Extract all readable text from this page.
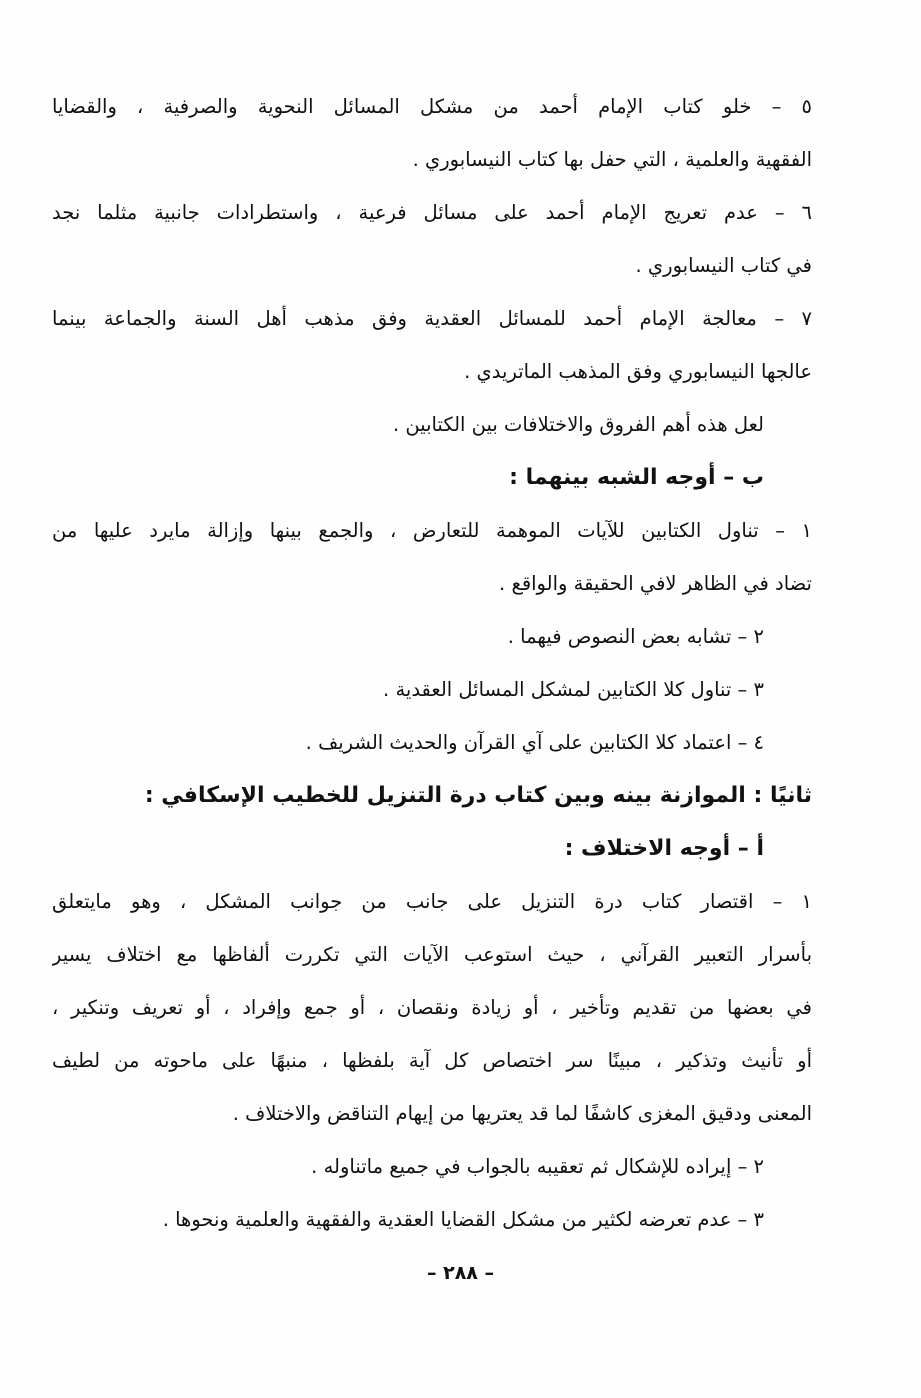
٥ – خلو كتاب الإمام أحمد من مشكل المسائل النحوية والصرفية ، والقضايا
الفقهية والعلمية ، التي حفل بها كتاب النيسابوري .
٦ – عدم تعريج الإمام أحمد على مسائل فرعية ، واستطرادات جانبية مثلما نجد
في كتاب النيسابوري .
٧ – معالجة الإمام أحمد للمسائل العقدية وفق مذهب أهل السنة والجماعة بينما
عالجها النيسابوري وفق المذهب الماتريدي .
لعل هذه أهم الفروق والاختلافات بين الكتابين .
ب – أوجه الشبه بينهما :
١ – تناول الكتابين للآيات الموهمة للتعارض ، والجمع بينها وإزالة مايرد عليها من
تضاد في الظاهر لافي الحقيقة والواقع .
٢ – تشابه بعض النصوص فيهما .
٣ – تناول كلا الكتابين لمشكل المسائل العقدية .
٤ – اعتماد كلا الكتابين على آي القرآن والحديث الشريف .
ثانيًا : الموازنة بينه وبين كتاب درة التنزيل للخطيب الإسكافي :
أ – أوجه الاختلاف :
١ – اقتصار كتاب درة التنزيل على جانب من جوانب المشكل ، وهو مايتعلق
بأسرار التعبير القرآني ، حيث استوعب الآيات التي تكررت ألفاظها مع اختلاف يسير
في بعضها من تقديم وتأخير ، أو زيادة ونقصان ، أو جمع وإفراد ، أو تعريف وتنكير ،
أو تأنيث وتذكير ، مبينًا سر اختصاص كل آية بلفظها ، منبهًا على ماحوته من لطيف
المعنى ودقيق المغزى كاشفًا لما قد يعتريها من إيهام التناقض والاختلاف .
٢ – إيراده للإشكال ثم تعقيبه بالجواب في جميع ماتناوله .
٣ – عدم تعرضه لكثير من مشكل القضايا العقدية والفقهية والعلمية ونحوها .
– ٢٨٨ –
